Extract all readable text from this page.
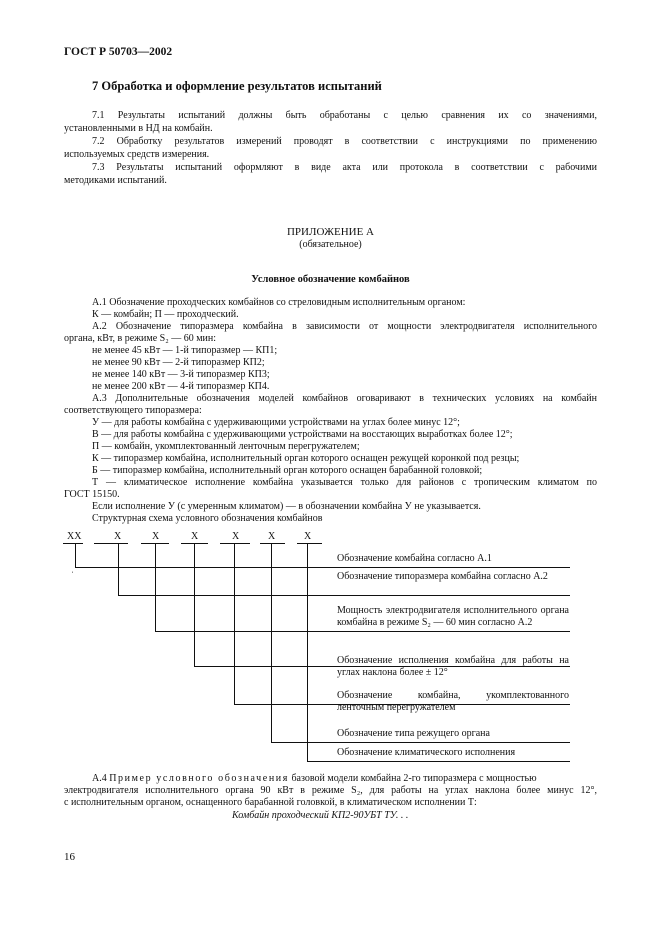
ГОСТ Р 50703—2002
7 Обработка и оформление результатов испытаний
7.1 Результаты испытаний должны быть обработаны с целью сравнения их со значениями,
установленными в НД на комбайн.
7.2 Обработку результатов измерений проводят в соответствии с инструкциями по применению
используемых средств измерения.
7.3 Результаты испытаний оформляют в виде акта или протокола в соответствии с рабочими
методиками испытаний.
ПРИЛОЖЕНИЕ А
(обязательное)
Условное обозначение комбайнов
А.1 Обозначение проходческих комбайнов со стреловидным исполнительным органом:
К — комбайн; П — проходческий.
А.2 Обозначение типоразмера комбайна в зависимости от мощности электродвигателя исполнительного
органа, кВт, в режиме S₂ — 60 мин:
не менее 45 кВт — 1-й типоразмер — КП1;
не менее 90 кВт — 2-й типоразмер КП2;
не менее 140 кВт — 3-й типоразмер КП3;
не менее 200 кВт — 4-й типоразмер КП4.
А.3 Дополнительные обозначения моделей комбайнов оговаривают в технических условиях на комбайн
соответствующего типоразмера:
У — для работы комбайна с удерживающими устройствами на углах более минус 12°;
В — для работы комбайна с удерживающими устройствами на восстающих выработках более 12°;
П — комбайн, укомплектованный ленточным перегружателем;
К — типоразмер комбайна, исполнительный орган которого оснащен режущей коронкой под резцы;
Б — типоразмер комбайна, исполнительный орган которого оснащен барабанной головкой;
Т — климатическое исполнение комбайна указывается только для районов с тропическим климатом по
ГОСТ 15150.
Если исполнение У (с умеренным климатом) — в обозначении комбайна У не указывается.
Структурная схема условного обозначения комбайнов
ХХ	Х	Х	Х	Х	Х	Х
ˈ
Обозначение комбайна согласно А.1
Обозначение типоразмера комбайна согласно А.2
Мощность электродвигателя исполнительного органа комбайна в режиме S₂ — 60 мин согласно А.2
Обозначение исполнения комбайна для работы на углах наклона более ± 12°
Обозначение комбайна, укомплектованного ленточным перегружателем
Обозначение типа режущего органа
Обозначение климатического исполнения
А.4 Пример условного обозначения базовой модели комбайна 2-го типоразмера с мощностью
электродвигателя исполнительного органа 90 кВт в режиме S₂, для работы на углах наклона более минус 12°,
с исполнительным органом, оснащенного барабанной головкой, в климатическом исполнении Т:
Комбайн проходческий КП2-90УБТ ТУ. . .
16
